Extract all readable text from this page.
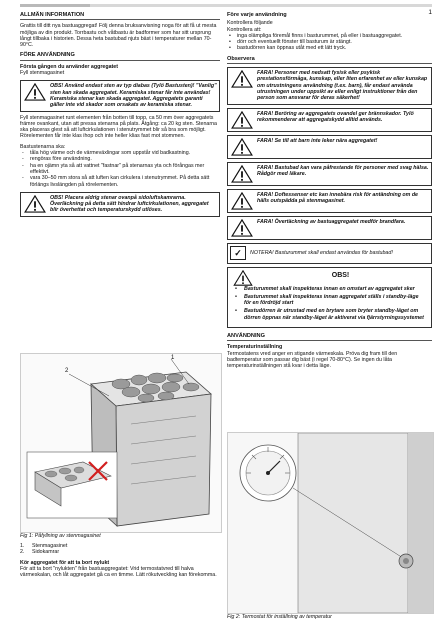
1
ALLMÄN INFORMATION
Grattis till ditt nya bastuaggregat! Följ denna bruksanvisning noga för att få ut mesta möjliga av din produkt. Torrbastu och våtbastu är badformer som har sitt ursprung långt tillbaka i historien. Dessa heta bastubad njuts bäst i temperaturer mellan 70-90°C.
FÖRE ANVÄNDNING
Första gången du använder aggregatet
Fyll stenmagasinet
OBS! Använd endast sten av typ diabas (Tylö Bastusten)! "Vanlig" sten kan skada aggregatet. Keramiska stenar får inte användas! Keramiska stenar kan skada aggregatet. Aggregatets garanti gäller inte vid skador som orsakats av keramiska stenar.
Fyll stenmagasinet runt elementen från botten till topp, ca 50 mm över aggregatets främre ovankant, utan att pressa stenarna på plats. Åtgång: ca 20 kg sten. Stenarna ska placeras glest så att luftcirkulationen i stenutrymmet blir så bra som möjligt. Rörelementen får inte klas ihop och inte heller klias fast mot stommen.
Bastustenarna ska:
- tåla hög värme och de värmeväxlingar som uppstår vid badkastning.
- rengöras före användning.
- ha en ojämn yta så att vattnet "fastnar" på stenarnas yta och förångas mer effektivt.
- vara 30–50 mm stora så att luften kan cirkulera i stenutrymmet. På detta sätt förlängs livslängden på rörelementen.
OBS! Placera aldrig stenar ovanpå sidoluftskamrarna. Överläckning på detta sätt hindrar luftcirkulationen, aggregatet blir överhettat och temperaturskydd utlöses.
2
1
Fig 1: Påfyllning av stenmagasinet
1. Stenmagasinet
2. Sidokamrar
Kör aggregatet för att ta bort nylukt
För att ta bort "nylukten" från bastuaggregatet: Vrid termostatvred till halva värmeskalan, och låt aggregatet gå ca en timme. Lätt rökutveckling kan förekomma.
Före varje användning
Kontrollera följande
Kontrollera att:
• inga olämpliga föremål finns i basturummet, på eller i bastuaggregatet.
• dörr och eventuellt fönster till basturum är stängt.
• bastudörren kan öppnas utåt med ett lätt tryck.
Observera
FARA! Personer med nedsatt fysisk eller psykisk prestationsförmåga, kunskap, eller liten erfarenhet av eller kunskap om utrustningens användning (t.ex. barn), får endast använda utrustningen under uppsikt av eller enligt instruktioner från den person som ansvarar för deras säkerhet!
FARA! Beröring av aggregatets ovandel ger brännskador. Tylö rekommenderar att aggregatskydd alltid används.
FARA! Se till att barn inte leker nära aggregatet!
FARA! Bastubad kan vara påfrestande för personer med svag hälsa. Rådgör med läkare.
FARA! Doftessenser etc kan innebära risk för antändning om de hälls outspädda på stenmagasinet.
FARA! Övertäckning av bastuaggregatet medför brandfara.
✓	NOTERA! Basturummet skall endast användas för bastubad!
OBS!
• Basturummet skall inspekteras innan en omstart av aggregatet sker
• Basturummet skall inspekteras innan aggregatet ställs i standby-läge för en fördröjd start
• Bastudörren är utrustad med en brytare som bryter standby-läget om dörren öppnas när standby-läget är aktiverat via fjärrstyrningssystemet
ANVÄNDNING
Temperaturinställning
Termostatens vred anger en stigande värmeskala. Pröva dig fram till den badtemperatur som passar dig bäst (i regel 70-80°C). Se ingen du låta temperaturinställningen stå kvar i detta läge.
Fig 2: Termostat för inställning av temperatur
